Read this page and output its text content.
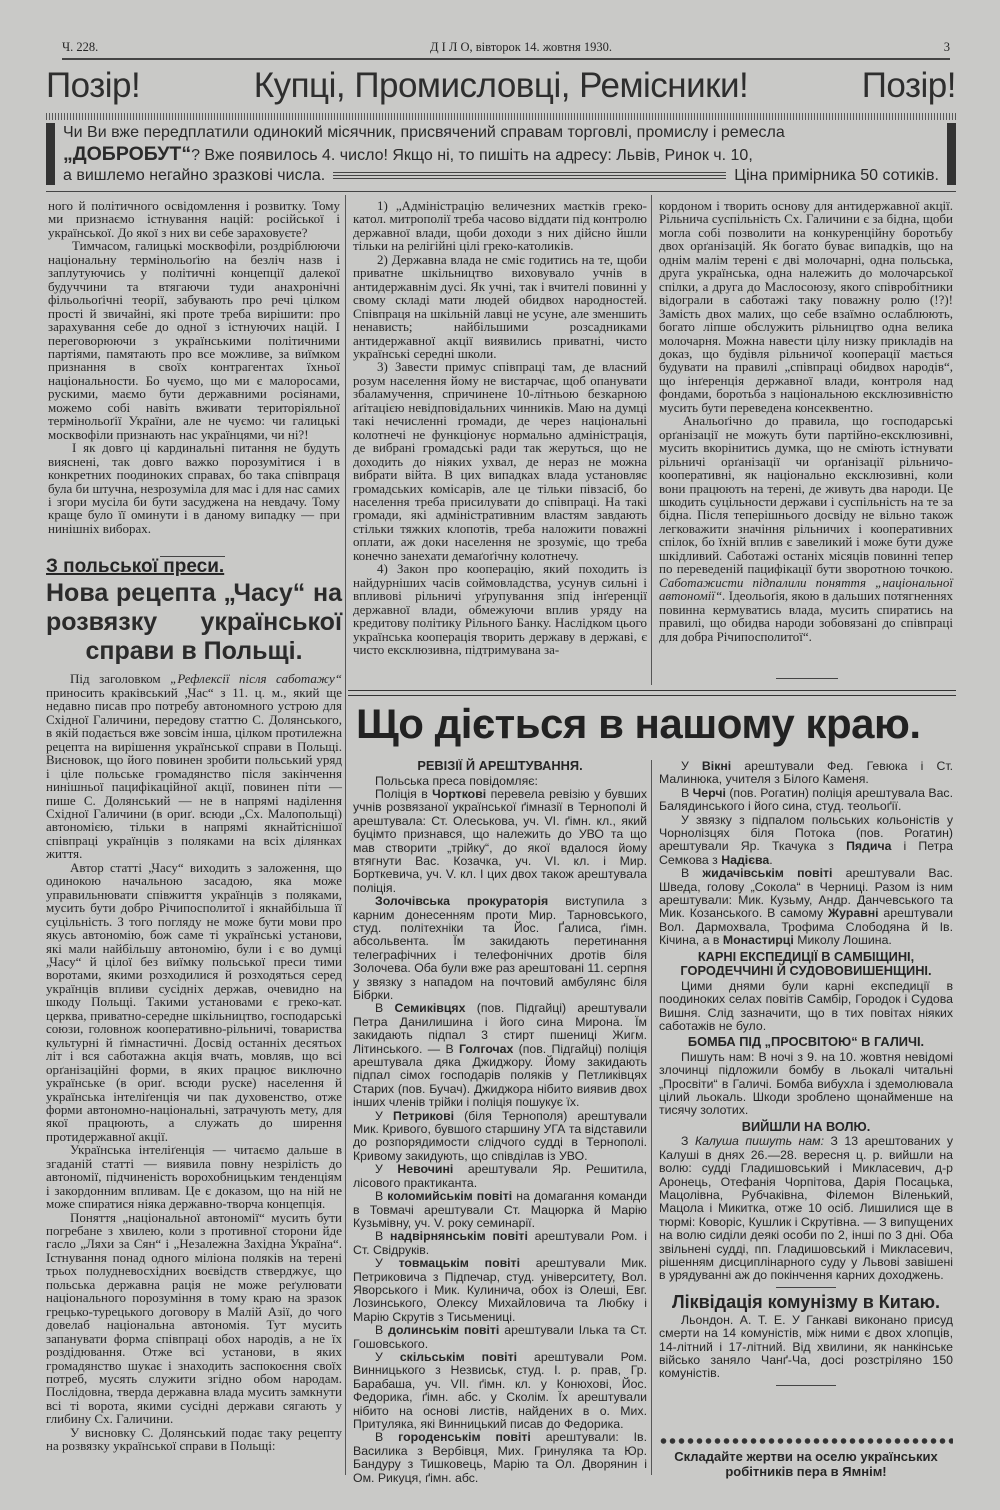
Ч. 228.	Д І Л О, вівторок 14. жовтня 1930.	3
Позір!	Купці, Промисловці, Ремісники!	Позір!
Чи Ви вже передплатили одинокий місячник, присвячений справам торговлі, промислу і ремесла
„ДОБРОБУТ“ ? Вже появилось 4. число! Якщо ні, то пишіть на адресу: Львів, Ринок ч. 10,
а вишлемо негайно зразкові числа.	Ціна примірника 50 сотиків.

ного й політичного освідомлення і розвитку. Тому ми признаємо істнування націй: російської і української. До якої з них ви себе зараховуєте?

Тимчасом, галицькі москвофіли, роздріблюючи національну термінольоґію на безліч назв і заплутуючись у політичні концепції далекої будуччини та втягаючи туди анахронічні фільольоґічні теорії, забувають про речі цілком прості й звичайні, які проте треба вирішити: про зарахування себе до одної з істнуючих націй. І переговорюючи з українськими політичними партіями, памятають про все можливе, за виїмком признання в своїх контрагентах їхньої національности. Бо чуємо, що ми є малоросами, рускими, маємо бути державними росіянами, можемо собі навіть вживати територіяльної термінольоґії України, але не чуємо: чи галицькі москвофіли признають нас українцями, чи ні?!

І як довго ці кардинальні питання не будуть вияснені, так довго важко порозумітися і в конкретних поодиноких справах, бо така співпраця була би штучна, незрозуміла для мас і для нас самих і згори мусіла би бути засуджена на невдачу. Тому краще було її оминути і в даному випадку — при нинішніх виборах.

З польської преси.
Нова рецепта „Часу“ на розвязку української справи в Польщі.

Під заголовком „Рефлексії після саботажу“ приносить краківський „Час“ з 11. ц. м., який ще недавно писав про потребу автономного устрою для Східної Галичини, передову статтю С. Долянського, в якій подається вже зовсім інша, цілком протилежна рецепта на вирішення української справи в Польщі. Висновок, що його повинен зробити польський уряд і ціле польське громадянство після закінчення нинішньої пацифікаційної акції, повинен піти — пише С. Долянський — не в напрямі наділення Східної Галичини (в ориґ. всюди „Сх. Малопольщі) автономією, тільки в напрямі якнайтіснішої співпраці українців з поляками на всіх ділянках життя.

Автор статті „Часу“ виходить з заложення, що одинокою начальною засадою, яка може управильнювати співжиття українців з поляками, мусить бути добро Річипосполитої і якнайбільша її суцільність. З того погляду не може бути мови про якусь автономію, бож саме ті українські установи, які мали найбільшу автономію, були і є во думці „Часу“ й цілої без виїмку польської преси тими воротами, якими розходилися й розходяться серед українців впливи сусідніх держав, очевидно на шкоду Польщі. Такими установами є греко-кат. церква, приватно-середне шкільництво, господарські союзи, головнож кооперативно-рільничі, товариства культурні й ґімнастичні. Досвід останніх десятьох літ і вся саботажна акція вчать, мовляв, що всі орґанізаційні форми, в яких працює виключно українське (в ориґ. всюди руске) населення й українська інтеліґенція чи пак духовенство, отже форми автономно-національні, затрачують мету, для якої працюють, а служать до ширення протидержавної акції.

Українська інтеліґенція — читаємо дальше в згаданій статті — виявила повну незрілість до автономії, підчиненість ворохобницьким тенденціям і закордонним впливам. Це є доказом, що на ній не може спиратися ніяка державно-творча концепція.

Поняття „національної автономії“ мусить бути погребане з хвилею, коли з противної сторони йде гасло „Ляхи за Сян“ і „Незалежна Західна Україна“. Істнування понад одного міліона поляків на терені трьох полудневосхідних воєвідств стверджує, що польська державна рація не може реґулювати національного порозуміння в тому краю на зразок грецько-турецького договору в Малій Азії, до чого довелаб національна автономія. Тут мусить запанувати форма співпраці обох народів, а не їх роздідювання. Отже всі установи, в яких громадянство шукає і знаходить заспокоєння своїх потреб, мусять служити згідно обом народам. Послідовна, тверда державна влада мусить замкнути всі ті ворота, якими сусідні держави сягають у глибину Сх. Галичини.

У висновку С. Долянський подає таку рецепту на розвязку української справи в Польщі:

1) „Адміністрацію величезних маєтків греко-катол. митрополії треба часово віддати під контролю державної влади, щоби доходи з них дійсно йшли тільки на релігійні цілі греко-католиків.

2) Державна влада не сміє годитись на те, щоби приватне шкільництво виховувало учнів в антидержавнім дусі. Як учні, так і вчителі повинні у свому складі мати людей обидвох народностей. Співпраця на шкільній лавці не усуне, але зменшить ненависть; найбільшими розсадниками антидержавної акції виявились приватні, чисто українські середні школи.

3) Завести примус співпраці там, де власний розум населення йому не вистарчає, щоб опанувати збаламучення, спричинене 10-літньою безкарною аґітацією невідповідальних чинників. Маю на думці такі нечисленні громади, де через національні колотнечі не функціонує нормально адміністрація, де вибрані громадські ради так жеруться, що не доходить до ніяких ухвал, де нераз не можна вибрати війта. В цих випадках влада установляє громадських комісарів, але це тільки півзасіб, бо населення треба присилувати до співпраці. На такі громади, які адміністративним властям завдають стільки тяжких клопотів, треба наложити поважні оплати, аж доки населення не зрозуміє, що треба конечно занехати демаґоґічну колотнечу.

4) Закон про кооперацію, який походить із найдурніших часів соймовладства, усунув сильні і впливові рільничі уґрупування зпід інґеренції державної влади, обмежуючи вплив уряду на кредитову політику Рільного Банку. Наслідком цього українська кооперація творить державу в державі, є чисто ексклюзивна, підтримувана за-

кордоном і творить основу для антидержавної акції. Рільнича суспільність Сх. Галичини є за бідна, щоби могла собі позволити на конкуренційну боротьбу двох орґанізацій. Як богато буває випадків, що на однім малім терені є дві молочарні, одна польська, друга українська, одна належить до молочарської спілки, а друга до Маслосоюзу, якого співробітники відограли в саботажі таку поважну ролю (!?)! Замість двох малих, що себе взаїмно ослаблюють, богато ліпше обслужить рільництво одна велика молочарня. Можна навести цілу низку прикладів на доказ, що будівля рільничої кооперації мається будувати на правилі „співпраці обидвох народів“, що інґеренція державної влади, контроля над фондами, боротьба з національною ексклюзивністю мусить бути переведена консеквентно.

Анальоґічно до правила, що господарські орґанізації не можуть бути партійно-ексклюзивні, мусить вкорінитись думка, що не сміють істнувати рільничі орґанізації чи орґанізації рільничо-кооперативні, як національно ексклюзивні, коли вони працюють на терені, де живуть два народи. Це шкодить суцільности держави і суспільність на те за бідна. Після теперішнього досвіду не вільно також легковажити значіння рільничих і кооперативних спілок, бо їхній вплив є завеликий і може бути дуже шкідливий. Саботажі останіх місяців повинні тепер по переведеній пацифікації бути зворотною точкою. Саботажисти підпалили поняття „національної автономії“. Ідеольоґія, якою в дальших потягненнях повинна кермуватись влада, мусить спиратись на правилі, що обидва народи зобовязані до співпраці для добра Річипосполитої“.

Що діється в нашому краю.
РЕВІЗІЇ Й АРЕШТУВАННЯ.

Польська преса повідомляє:

Поліція в Чорткові перевела ревізію у бувших учнів розвязаної української ґімназії в Тернополі й арештувала: Ст. Олеськова, уч. VI. ґімн. кл., який буцімто признався, що належить до УВО та що мав створити „трійку“, до якої вдалося йому втягнути Вас. Козачка, уч. VI. кл. і Мир. Борткевича, уч. V. кл. І цих двох також арештувала поліція.

Золочівська прокураторія виступила з карним донесенням проти Мир. Тарновського, студ. політехніки та Йос. Ґалиса, ґімн. абсольвента. Їм закидають перетинання телеграфічних і телефонічних дротів біля Золочева. Оба були вже раз арештовані 11. серпня у звязку з нападом на почтовий амбулянс біля Бібрки.

В Семиківцях (пов. Підгайці) арештували Петра Данилишина і його сина Мирона. Їм закидають підпал 3 стирт пшениці Жигм. Літинського. — В Голгочах (пов. Підгайці) поліція арештувала дяка Джиджору. Йому закидають підпал сімох господарів поляків у Петликівцях Старих (пов. Бучач). Джиджора нібито виявив двох інших членів трійки і поліція пошукує їх.

У Петрикові (біля Тернополя) арештували Мик. Кривого, бувшого старшину УГА та відставили до розпорядимости слідчого судді в Тернополі. Кривому закидують, що співділав із УВО.

У Невочині арештували Яр. Решитила, лісового практиканта.

В коломийськім повіті на домагання команди в Товмачі арештували Ст. Мацюрка й Марію Кузьмівну, уч. V. року семинарії.

В надвірнянськім повіті арештували Ром. і Ст. Свідруків.

У товмацькім повіті арештували Мик. Петриковича з Підпечар, студ. університету, Вол. Яворського і Мик. Кулинича, обох із Олеші, Евг. Лозинського, Олексу Михайловича та Любку і Марію Скрутів з Тисьмениці.

В долинськім повіті арештували Ілька та Ст. Гошовського.

У скільськім повіті арештували Ром. Винницького з Незвиськ, студ. І. р. прав, Гр. Барабаша, уч. VII. ґімн. кл. у Конюхові, Йос. Федорика, ґімн. абс. у Сколім. Їх арештували нібито на основі листів, найдених в о. Мих. Притуляка, які Винницький писав до Федорика.

В городенськім повіті арештували: Ів. Василика з Вербівця, Мих. Гринуляка та Юр. Бандуру з Тишковець, Марію та Ол. Дворянин і Ом. Рикуця, ґімн. абс.

У Вікні арештували Фед. Гевюка і Ст. Малинюка, учителя з Білого Каменя.

В Черчі (пов. Рогатин) поліція арештувала Вас. Балядинського і його сина, студ. теольоґії.

У звязку з підпалом польських кольоністів у Чорнолізцях біля Потока (пов. Рогатин) арештували Яр. Ткачука з Пядича і Петра Семкова з Надієва.

В жидачівськім повіті арештували Вас. Шведа, голову „Сокола“ в Черниці. Разом із ним арештували: Мик. Кузьму, Андр. Данчевського та Мик. Козанського. В самому Журавні арештували Вол. Дармохвала, Трофима Слободяна й Ів. Кічина, а в Монастирці Миколу Лошина.

КАРНІ ЕКСПЕДИЦІЇ В САМБІЩИНІ, ГОРОДЕЧЧИНІ Й СУДОВОВИШЕНЩИНІ.

Цими днями були карні експедиції в поодиноких селах повітів Самбір, Городок і Судова Вишня. Слід зазначити, що в тих повітах ніяких саботажів не було.

БОМБА ПІД „ПРОСВІТОЮ“ В ГАЛИЧІ.

Пишуть нам: В ночі з 9. на 10. жовтня невідомі злочинці підложили бомбу в льокалі читальні „Просвіти“ в Галичі. Бомба вибухла і здемолювала цілий льокаль. Шкоди зроблено щонайменше на тисячу золотих.

ВИЙШЛИ НА ВОЛЮ.

З Калуша пишуть нам: З 13 арештованих у Калуші в днях 26.—28. вересня ц. р. вийшли на волю: судді Гладишовський і Микласевич, д-р Аронець, Отефанія Чорпітова, Дарія Посацька, Мацолівна, Рубчаківна, Філемон Віленький, Мацола і Микитка, отже 10 осіб. Лишилися ще в тюрмі: Коворіс, Кушлик і Скрутівна. — З випущених на волю сиділи деякі особи по 2, інші по 3 дні. Оба звільнені судді, пп. Гладишовський і Микласевич, рішенням дисциплінарного суду у Львові завішені в урядуванні аж до покінчення карних доходжень.

Ліквідація комунізму в Китаю.

Льондон. А. Т. Е. У Ганкаві виконано присуд смерти на 14 комуністів, між ними є двох хлопців, 14-літний і 17-літний. Від хвилини, як нанкінське військо заняло Чанґ-Ча, досі розстріляно 150 комуністів.

Складайте жертви на оселю українських робітників пера в Ямнім!
